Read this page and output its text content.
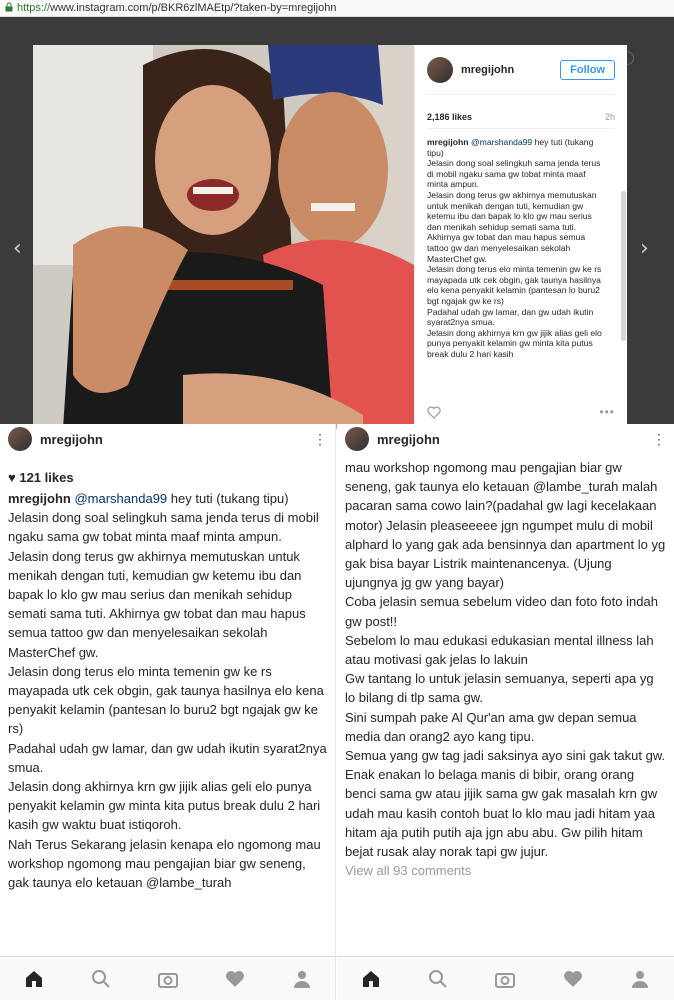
https://www.instagram.com/p/BKR6zlMAEtp/?taken-by=mregijohn
‹	›
mregijohn	Follow
2,186 likes	2h

mregijohn @marshanda99 hey tuti (tukang tipu)

Jelasin dong soal selingkuh sama jenda terus di mobil ngaku sama gw tobat minta maaf minta ampun.

Jelasin dong terus gw akhirnya memutuskan untuk menikah dengan tuti, kemudian gw ketemu ibu dan bapak lo klo gw mau serius dan menikah sehidup semati sama tuti. Akhirnya gw tobat dan mau hapus semua tattoo gw dan menyelesaikan sekolah MasterChef gw.

Jelasin dong terus elo minta temenin gw ke rs mayapada utk cek obgin, gak taunya hasilnya elo kena penyakit kelamin (pantesan lo buru2 bgt ngajak gw ke rs)

Padahal udah gw lamar, dan gw udah ikutin syarat2nya smua.

Jelasin dong akhirnya krn gw jijik alias geli elo punya penyakit kelamin gw minta kita putus break dulu 2 hari kasih

•••
mregijohn	⋮
♥ 121 likes

mregijohn @marshanda99 hey tuti (tukang tipu)

Jelasin dong soal selingkuh sama jenda terus di mobil ngaku sama gw tobat minta maaf minta ampun.

Jelasin dong terus gw akhirnya memutuskan untuk menikah dengan tuti, kemudian gw ketemu ibu dan bapak lo klo gw mau serius dan menikah sehidup semati sama tuti. Akhirnya gw tobat dan mau hapus semua tattoo gw dan menyelesaikan sekolah MasterChef gw.

Jelasin dong terus elo minta temenin gw ke rs mayapada utk cek obgin, gak taunya hasilnya elo kena penyakit kelamin (pantesan lo buru2 bgt ngajak gw ke rs)

Padahal udah gw lamar, dan gw udah ikutin syarat2nya smua.

Jelasin dong akhirnya krn gw jijik alias geli elo punya penyakit kelamin gw minta kita putus break dulu 2 hari kasih gw waktu buat istiqoroh.

Nah Terus Sekarang jelasin kenapa elo ngomong mau workshop ngomong mau pengajian biar gw seneng, gak taunya elo ketauan @lambe_turah

mregijohn	⋮

mau workshop ngomong mau pengajian biar gw seneng, gak taunya elo ketauan @lambe_turah malah pacaran sama cowo lain?(padahal gw lagi kecelakaan motor) Jelasin pleaseeeee jgn ngumpet mulu di mobil alphard lo yang gak ada bensinnya dan apartment lo yg gak bisa bayar Listrik maintenancenya. (Ujung ujungnya jg gw yang bayar)

Coba jelasin semua sebelum video dan foto foto indah gw post!!

Sebelom lo mau edukasi edukasian mental illness lah atau motivasi gak jelas lo lakuin

Gw tantang lo untuk jelasin semuanya, seperti apa yg lo bilang di tlp sama gw.

Sini sumpah pake Al Qur'an ama gw depan semua media dan orang2 ayo kang tipu.

Semua yang gw tag jadi saksinya ayo sini gak takut gw. Enak enakan lo belaga manis di bibir, orang orang benci sama gw atau jijik sama gw gak masalah krn gw udah mau kasih contoh buat lo klo mau jadi hitam yaa hitam aja putih putih aja jgn abu abu. Gw pilih hitam bejat rusak alay norak tapi gw jujur.

View all 93 comments
